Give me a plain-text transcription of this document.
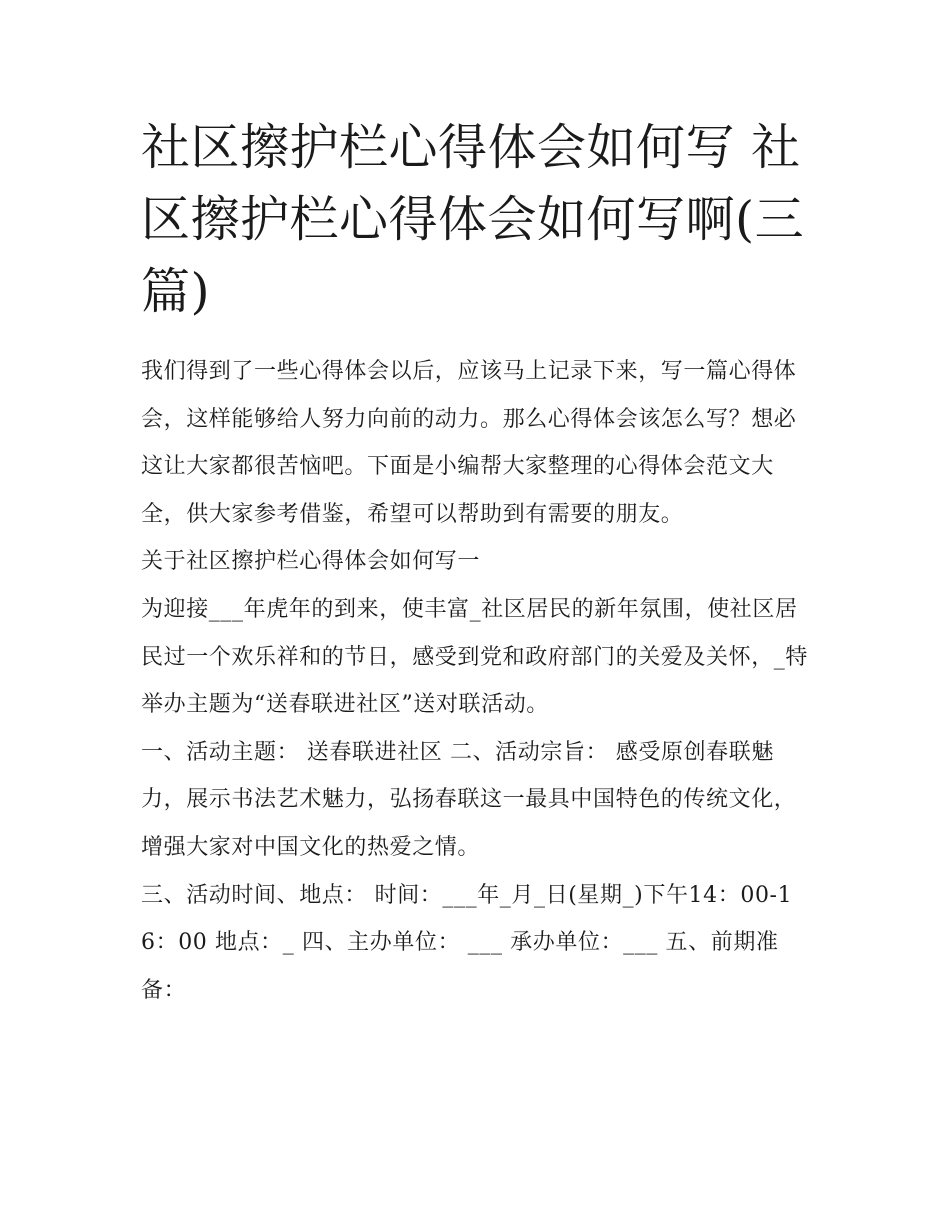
社区擦护栏心得体会如何写 社区擦护栏心得体会如何写啊(三篇)

我们得到了一些心得体会以后，应该马上记录下来，写一篇心得体会，这样能够给人努力向前的动力。那么心得体会该怎么写？想必这让大家都很苦恼吧。下面是小编帮大家整理的心得体会范文大全，供大家参考借鉴，希望可以帮助到有需要的朋友。

关于社区擦护栏心得体会如何写一

为迎接___年虎年的到来，使丰富_社区居民的新年氛围，使社区居民过一个欢乐祥和的节日，感受到党和政府部门的关爱及关怀，_特举办主题为“送春联进社区”送对联活动。

一、活动主题： 送春联进社区 二、活动宗旨： 感受原创春联魅力，展示书法艺术魅力，弘扬春联这一最具中国特色的传统文化，增强大家对中国文化的热爱之情。

三、活动时间、地点： 时间：___年_月_日(星期_)下午14：00-16：00 地点：_ 四、主办单位： ___ 承办单位：___ 五、前期准备：
